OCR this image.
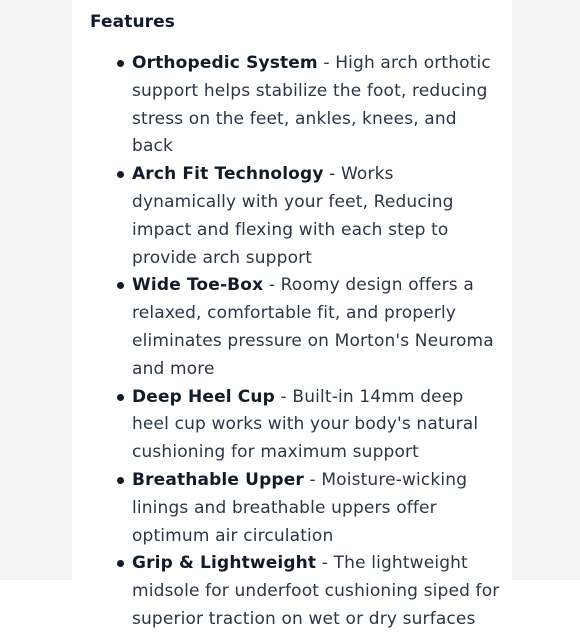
Features
Orthopedic System - High arch orthotic support helps stabilize the foot, reducing stress on the feet, ankles, knees, and back
Arch Fit Technology - Works dynamically with your feet, Reducing impact and flexing with each step to provide arch support
Wide Toe-Box - Roomy design offers a relaxed, comfortable fit, and properly eliminates pressure on Morton's Neuroma and more
Deep Heel Cup - Built-in 14mm deep heel cup works with your body's natural cushioning for maximum support
Breathable Upper - Moisture-wicking linings and breathable uppers offer optimum air circulation
Grip & Lightweight - The lightweight midsole for underfoot cushioning siped for superior traction on wet or dry surfaces
